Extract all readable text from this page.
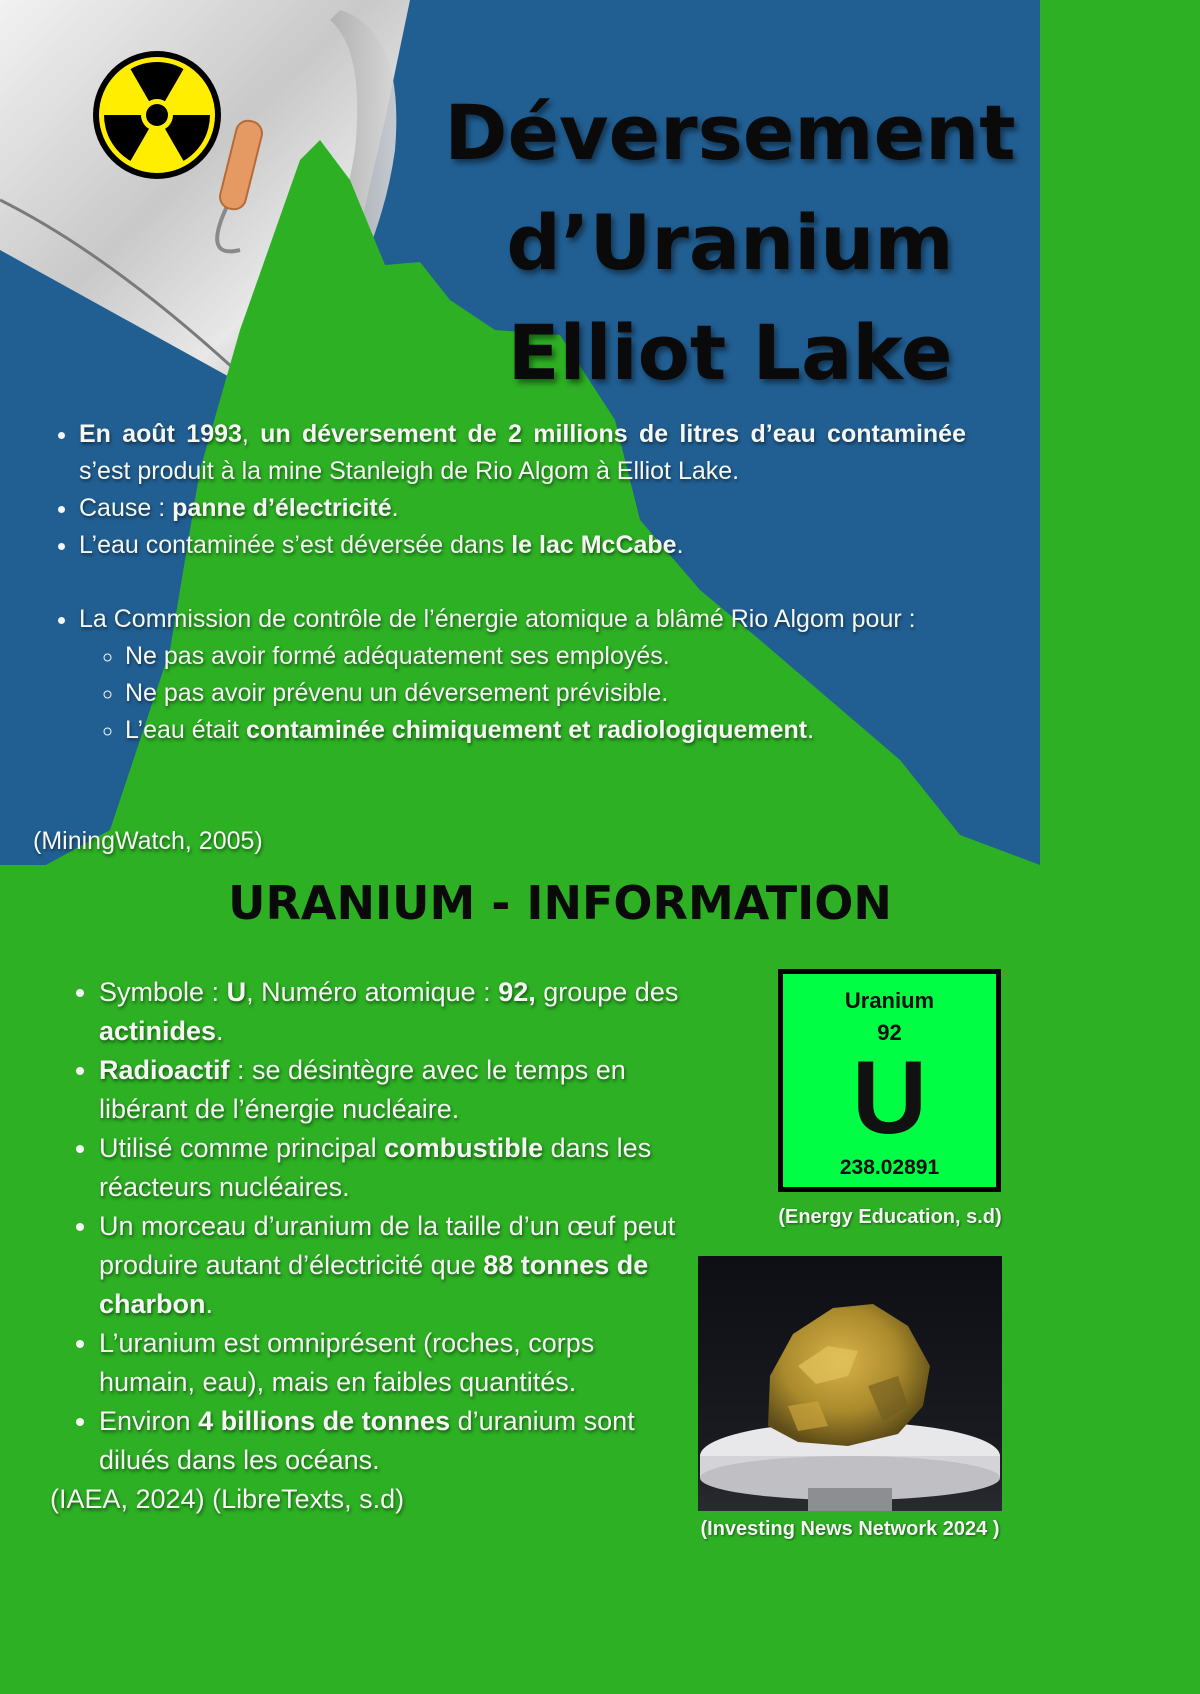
Déversement
d’Uranium
Elliot Lake
• En août 1993, un déversement de 2 millions de litres d’eau contaminée s’est produit à la mine Stanleigh de Rio Algom à Elliot Lake.
• Cause : panne d’électricité.
• L’eau contaminée s’est déversée dans le lac McCabe.
• La Commission de contrôle de l’énergie atomique a blâmé Rio Algom pour :
◦ Ne pas avoir formé adéquatement ses employés.
◦ Ne pas avoir prévenu un déversement prévisible.
◦ L’eau était contaminée chimiquement et radiologiquement.
(MiningWatch, 2005)
URANIUM - INFORMATION
• Symbole : U, Numéro atomique : 92, groupe des actinides.
• Radioactif : se désintègre avec le temps en libérant de l’énergie nucléaire.
• Utilisé comme principal combustible dans les réacteurs nucléaires.
• Un morceau d’uranium de la taille d’un œuf peut produire autant d’électricité que 88 tonnes de charbon.
• L’uranium est omniprésent (roches, corps humain, eau), mais en faibles quantités.
• Environ 4 billions de tonnes d’uranium sont dilués dans les océans.
(IAEA, 2024) (LibreTexts, s.d)
Uranium
92
U
238.02891
(Energy Education, s.d)
(Investing News Network 2024 )
